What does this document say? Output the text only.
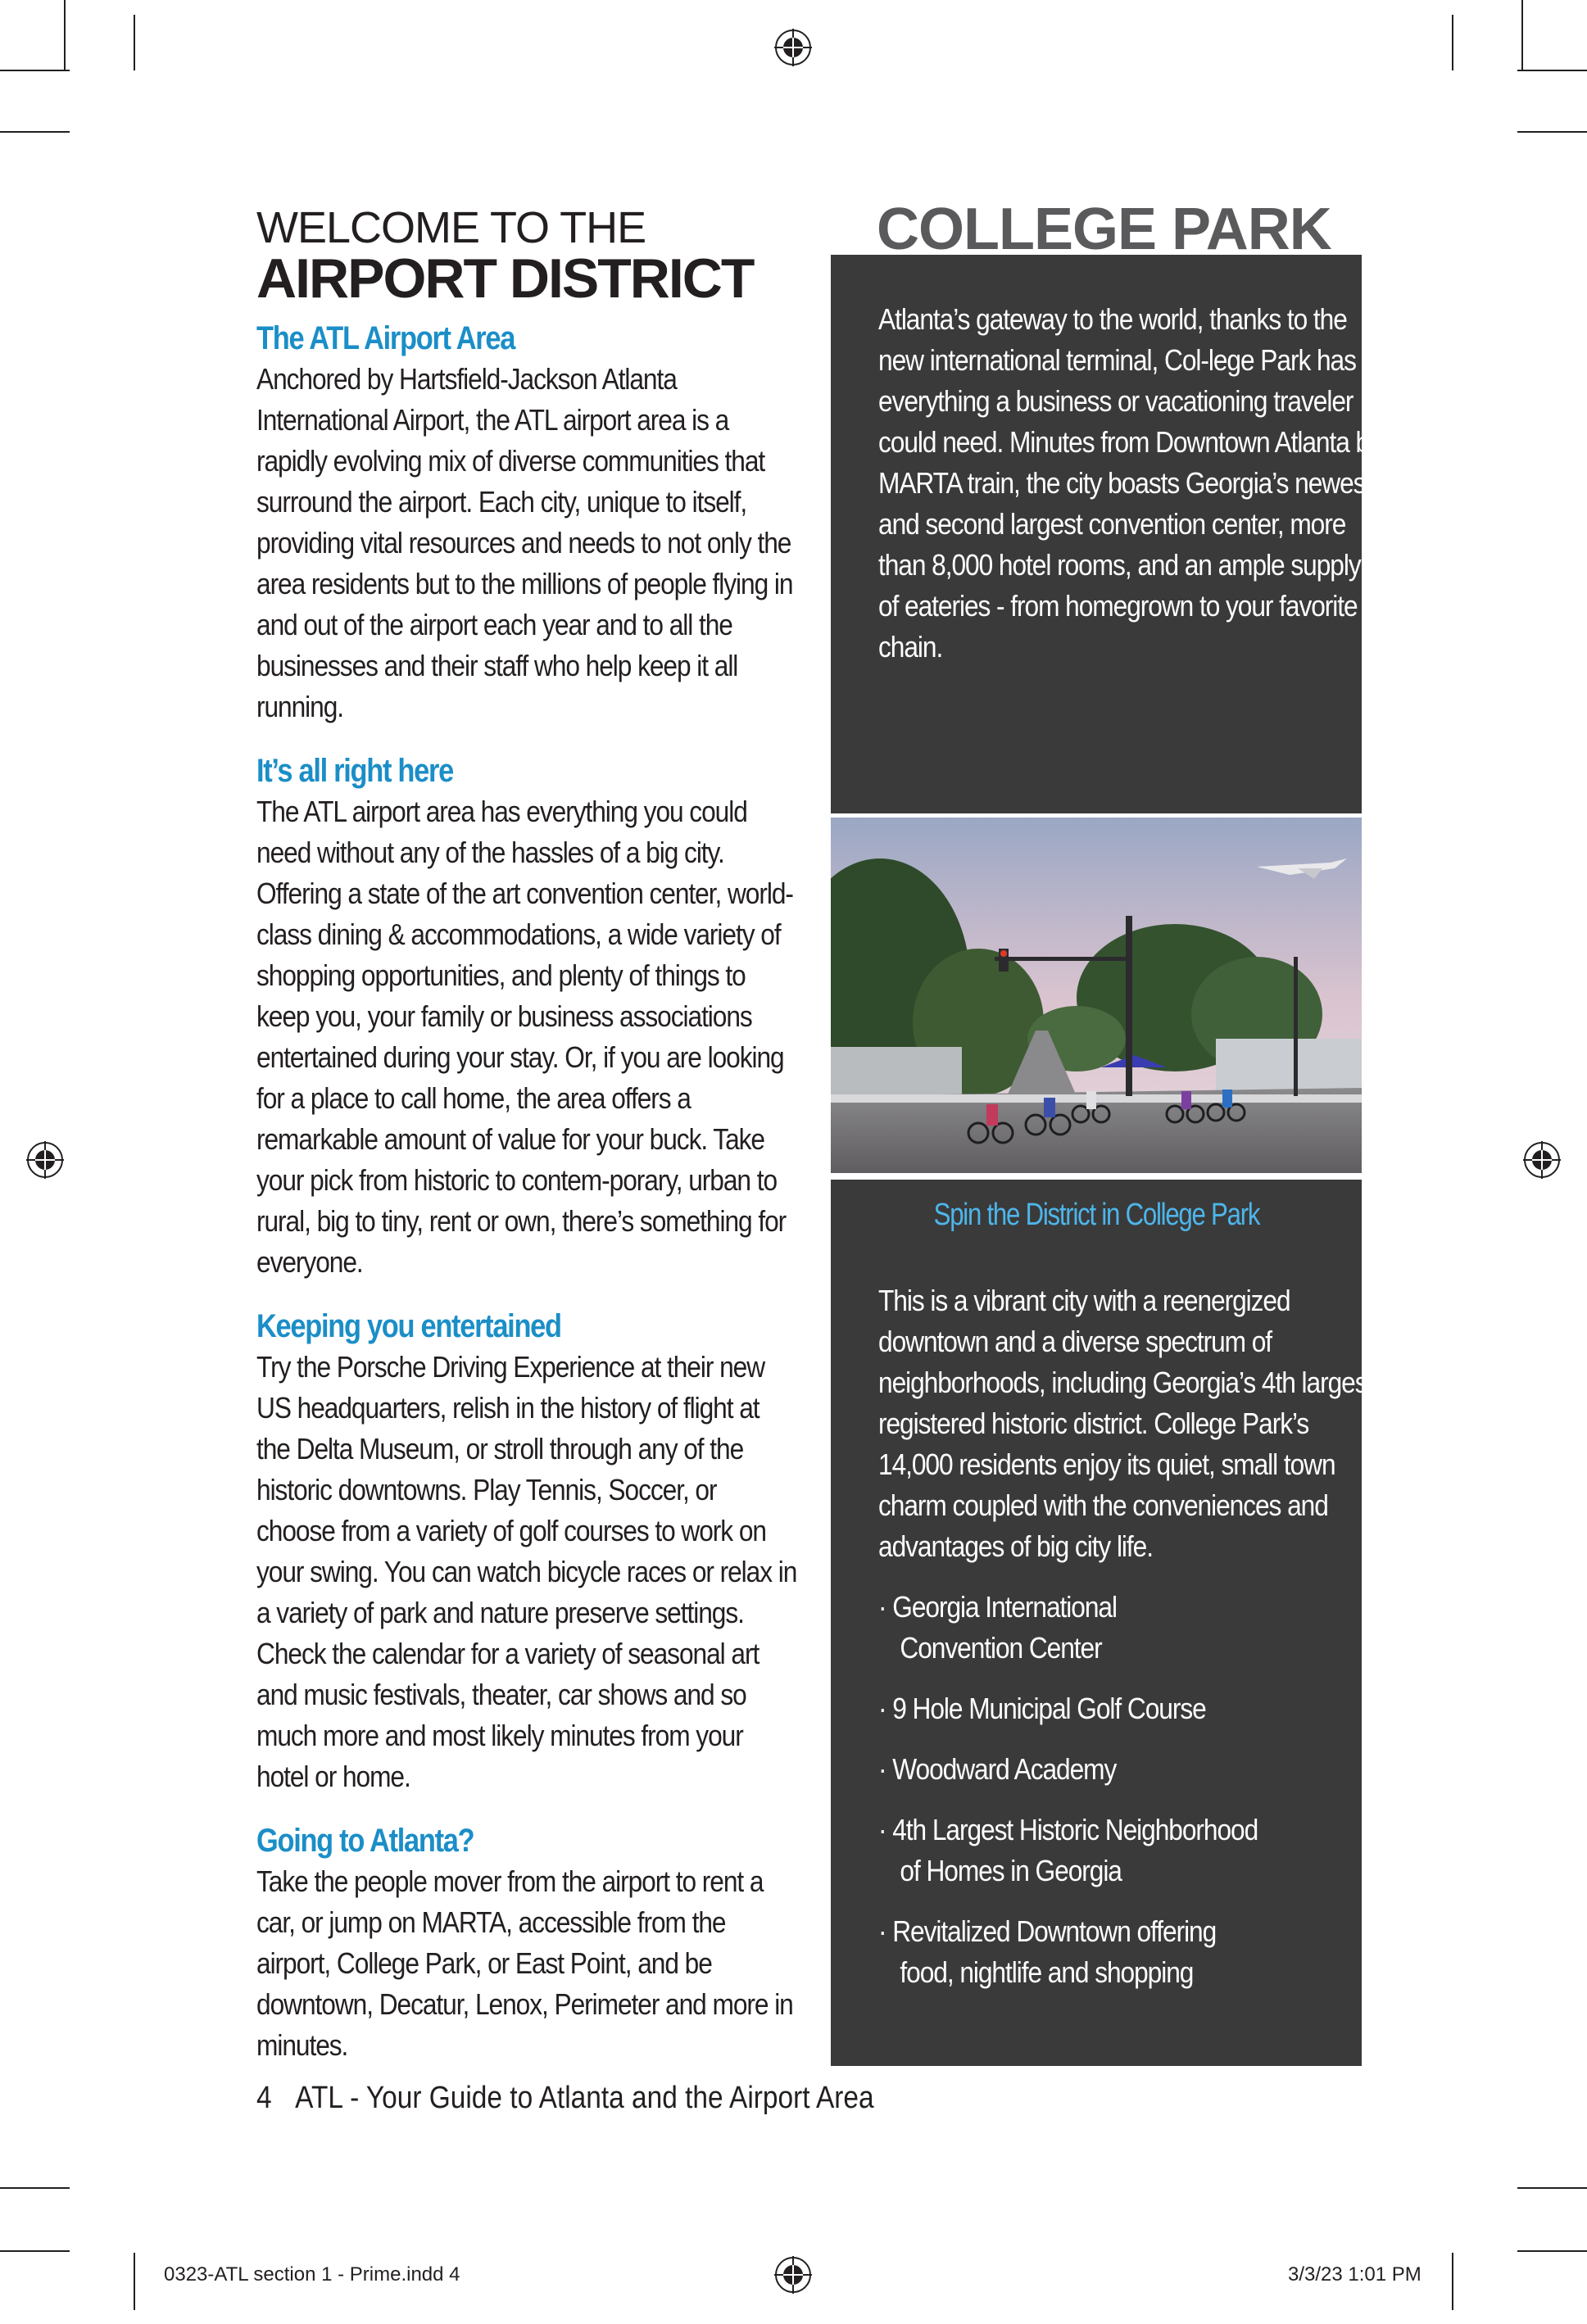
WELCOME TO THE
AIRPORT DISTRICT
The ATL Airport Area

Anchored by Hartsfield-Jackson Atlanta International Airport, the ATL airport area is a rapidly evolving mix of diverse communities that surround the airport. Each city, unique to itself, providing vital resources and needs to not only the area residents but to the millions of people flying in and out of the airport each year and to all the businesses and their staff who help keep it all running.

It’s all right here

The ATL airport area has everything you could need without any of the hassles of a big city. Offering a state of the art convention center, world-class dining & accommodations, a wide variety of shopping opportunities, and plenty of things to keep you, your family or business associations entertained during your stay. Or, if you are looking for a place to call home, the area offers a remarkable amount of value for your buck. Take your pick from historic to contem-porary, urban to rural, big to tiny, rent or own, there’s something for everyone.

Keeping you entertained

Try the Porsche Driving Experience at their new US headquarters, relish in the history of flight at the Delta Museum, or stroll through any of the historic downtowns. Play Tennis, Soccer, or choose from a variety of golf courses to work on your swing. You can watch bicycle races or relax in a variety of park and nature preserve settings. Check the calendar for a variety of seasonal art and music festivals, theater, car shows and so much more and most likely minutes from your hotel or home.

Going to Atlanta?

Take the people mover from the airport to rent a car, or jump on MARTA, accessible from the airport, College Park, or East Point, and be downtown, Decatur, Lenox, Perimeter and more in minutes.

4 ATL - Your Guide to Atlanta and the Airport Area
COLLEGE PARK
Atlanta’s gateway to the world, thanks to the new international terminal, Col-lege Park has everything a business or vacationing traveler could need. Minutes from Downtown Atlanta by MARTA train, the city boasts Georgia’s newest and second largest convention center, more than 8,000 hotel rooms, and an ample supply of eateries - from homegrown to your favorite chain.
Spin the District in College Park

This is a vibrant city with a reenergized downtown and a diverse spectrum of neighborhoods, including Georgia’s 4th largest registered historic district. College Park’s 14,000 residents enjoy its quiet, small town charm coupled with the conveniences and advantages of big city life.

· Georgia International Convention Center
· 9 Hole Municipal Golf Course
· Woodward Academy
· 4th Largest Historic Neighborhood of Homes in Georgia
· Revitalized Downtown offering food, nightlife and shopping
0323-ATL section 1 - Prime.indd 4	3/3/23 1:01 PM
